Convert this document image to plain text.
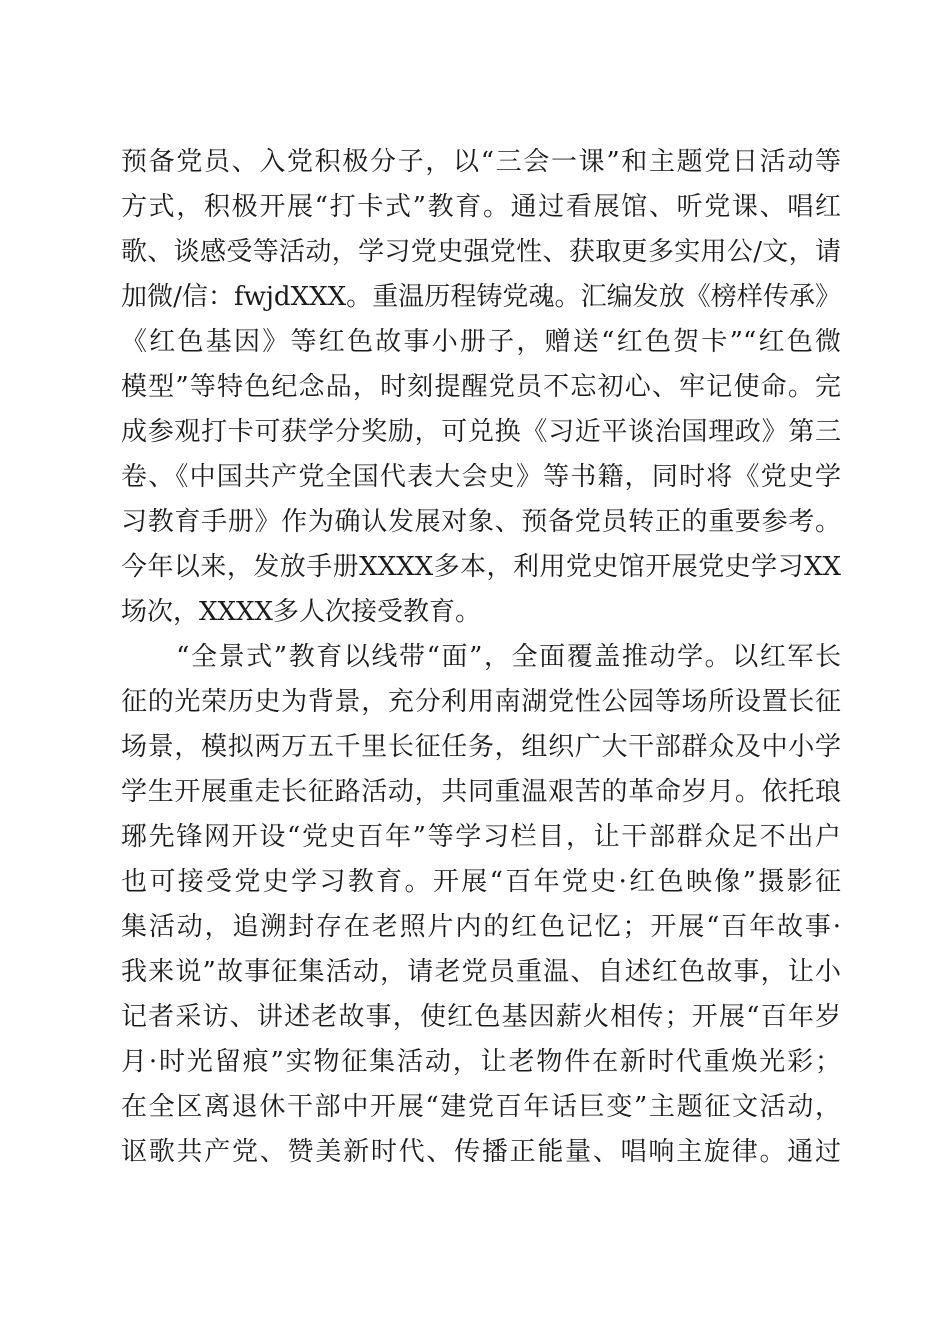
预备党员、入党积极分子，以“三会一课”和主题党日活动等
方式，积极开展“打卡式”教育。通过看展馆、听党课、唱红
歌、谈感受等活动，学习党史强党性、获取更多实用公/文，请
加微/信：fwjdXXX。重温历程铸党魂。汇编发放《榜样传承》
《红色基因》等红色故事小册子，赠送“红色贺卡”“红色微
模型”等特色纪念品，时刻提醒党员不忘初心、牢记使命。完
成参观打卡可获学分奖励，可兑换《习近平谈治国理政》第三
卷、《中国共产党全国代表大会史》等书籍，同时将《党史学
习教育手册》作为确认发展对象、预备党员转正的重要参考。
今年以来，发放手册XXXX多本，利用党史馆开展党史学习XX
场次，XXXX多人次接受教育。
　　“全景式”教育以线带“面”，全面覆盖推动学。以红军长
征的光荣历史为背景，充分利用南湖党性公园等场所设置长征
场景，模拟两万五千里长征任务，组织广大干部群众及中小学
学生开展重走长征路活动，共同重温艰苦的革命岁月。依托琅
琊先锋网开设“党史百年”等学习栏目，让干部群众足不出户
也可接受党史学习教育。开展“百年党史·红色映像”摄影征
集活动，追溯封存在老照片内的红色记忆；开展“百年故事·
我来说”故事征集活动，请老党员重温、自述红色故事，让小
记者采访、讲述老故事，使红色基因薪火相传；开展“百年岁
月·时光留痕”实物征集活动，让老物件在新时代重焕光彩；
在全区离退休干部中开展“建党百年话巨变”主题征文活动，
讴歌共产党、赞美新时代、传播正能量、唱响主旋律。通过
